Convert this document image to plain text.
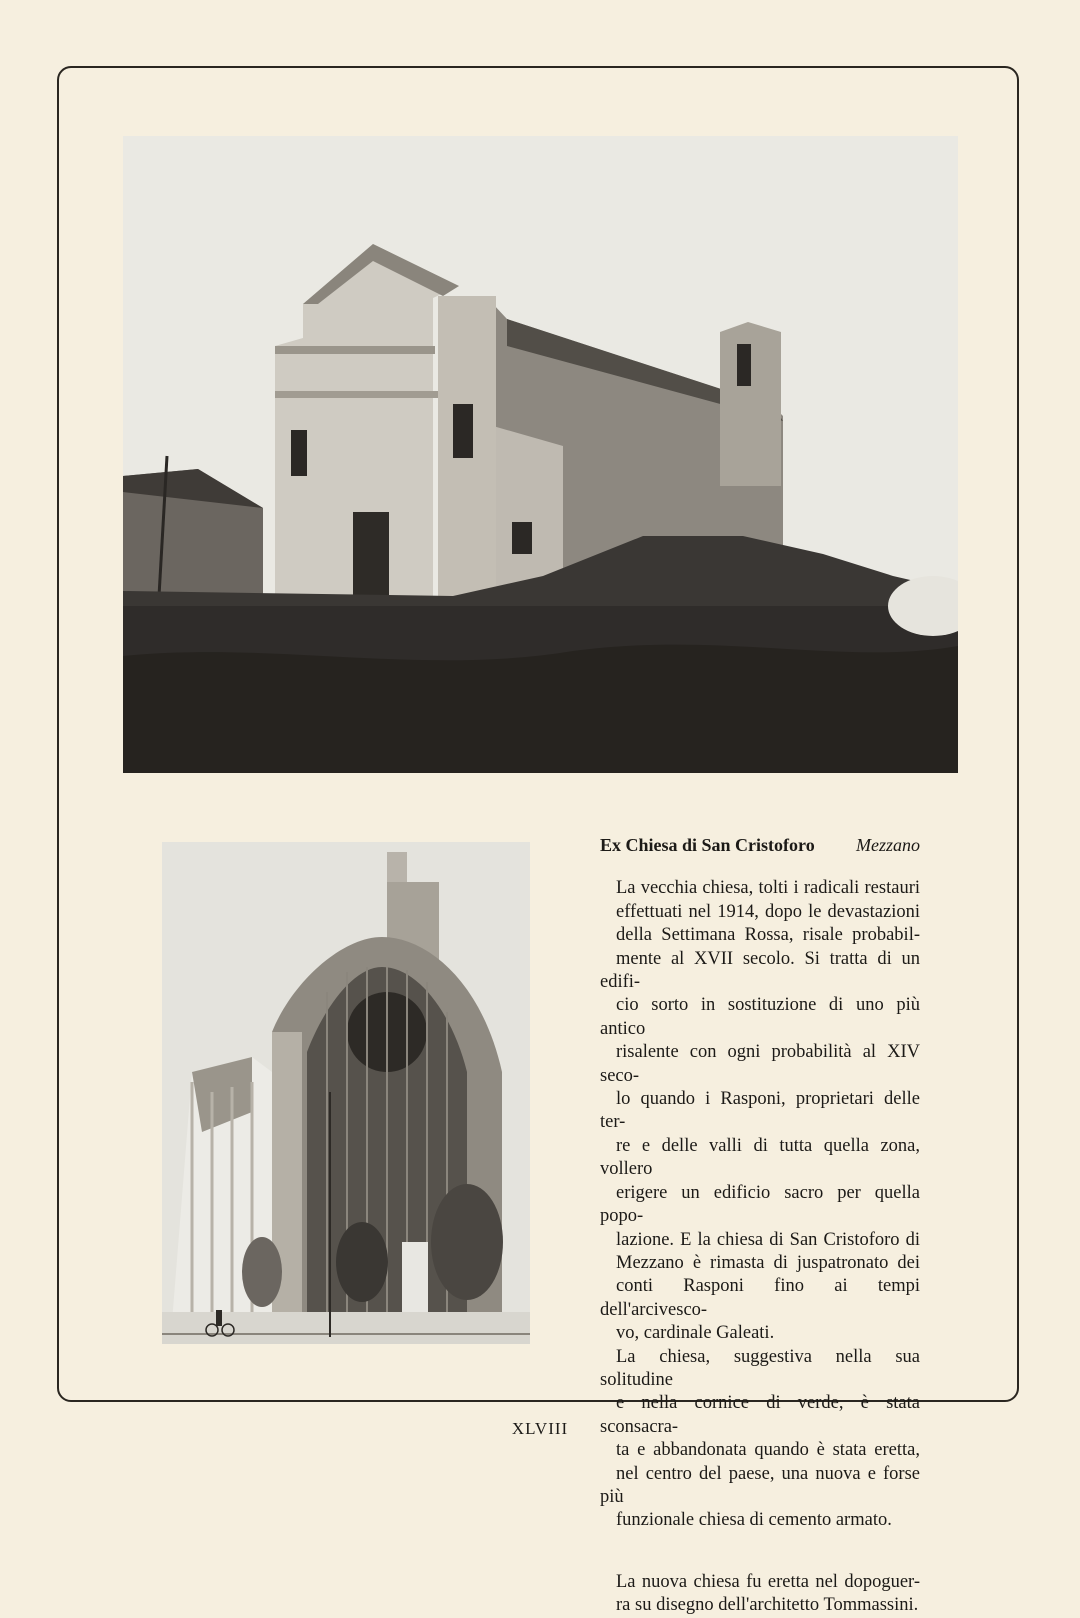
Ex Chiesa di San Cristoforo Mezzano

La vecchia chiesa, tolti i radicali restauri
effettuati nel 1914, dopo le devastazioni
della Settimana Rossa, risale probabil-
mente al XVII secolo. Si tratta di un edifi-
cio sorto in sostituzione di uno più antico
risalente con ogni probabilità al XIV seco-
lo quando i Rasponi, proprietari delle ter-
re e delle valli di tutta quella zona, vollero
erigere un edificio sacro per quella popo-
lazione. E la chiesa di San Cristoforo di
Mezzano è rimasta di juspatronato dei
conti Rasponi fino ai tempi dell'arcivesco-
vo, cardinale Galeati.

La chiesa, suggestiva nella sua solitudine
e nella cornice di verde, è stata sconsacra-
ta e abbandonata quando è stata eretta,
nel centro del paese, una nuova e forse più
funzionale chiesa di cemento armato.

La nuova chiesa fu eretta nel dopoguer-
ra su disegno dell'architetto Tommassini.

XLVIII
